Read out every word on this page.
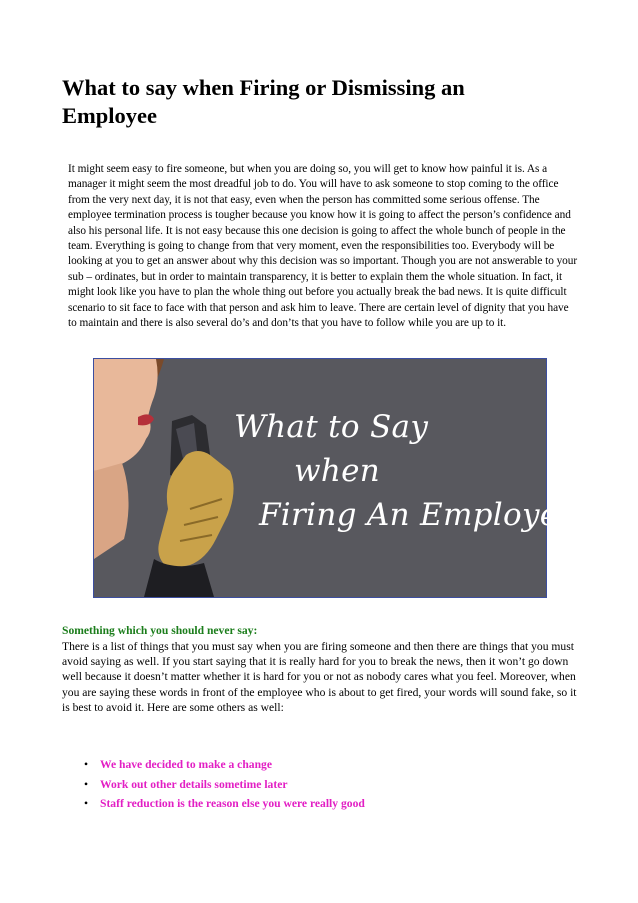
What to say when Firing or Dismissing an Employee

It might seem easy to fire someone, but when you are doing so, you will get to know how painful it is. As a manager it might seem the most dreadful job to do. You will have to ask someone to stop coming to the office from the very next day, it is not that easy, even when the person has committed some serious offense. The employee termination process is tougher because you know how it is going to affect the person’s confidence and also his personal life. It is not easy because this one decision is going to affect the whole bunch of people in the team. Everything is going to change from that very moment, even the responsibilities too. Everybody will be looking at you to get an answer about why this decision was so important. Though you are not answerable to your sub – ordinates, but in order to maintain transparency, it is better to explain them the whole situation. In fact, it might look like you have to plan the whole thing out before you actually break the bad news. It is quite difficult scenario to sit face to face with that person and ask him to leave. There are certain level of dignity that you have to maintain and there is also several do’s and don’ts that you have to follow while you are up to it.

What to Say
when
Firing An Employee?
Something which you should never say:

There is a list of things that you must say when you are firing someone and then there are things that you must avoid saying as well. If you start saying that it is really hard for you to break the news, then it won’t go down well because it doesn’t matter whether it is hard for you or not as nobody cares what you feel. Moreover, when you are saying these words in front of the employee who is about to get fired, your words will sound fake, so it is best to avoid it. Here are some others as well:

• We have decided to make a change
• Work out other details sometime later
• Staff reduction is the reason else you were really good
